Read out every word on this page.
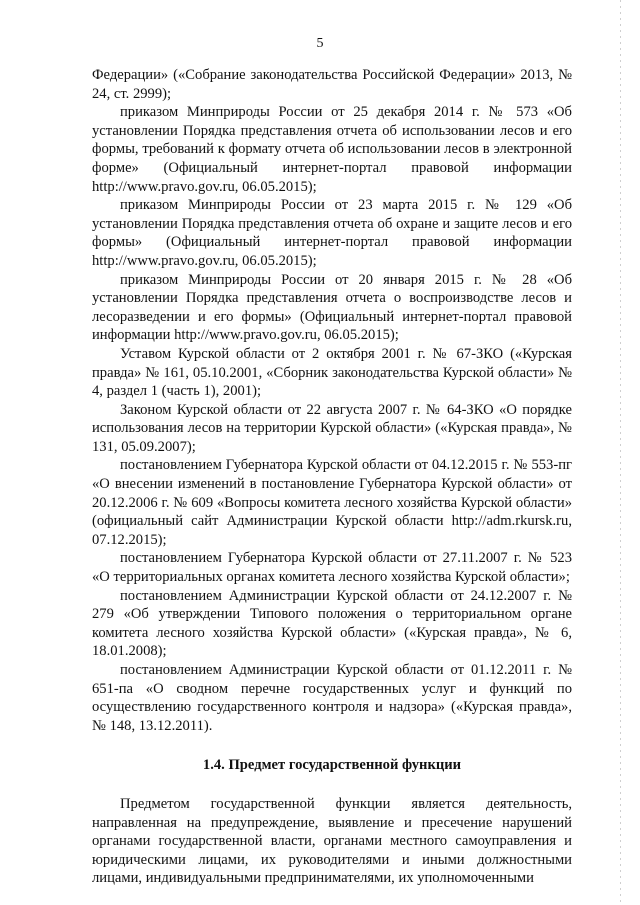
5

Федерации» («Собрание законодательства Российской Федерации» 2013, № 24, ст. 2999);

приказом Минприроды России от 25 декабря 2014 г. № 573 «Об установлении Порядка представления отчета об использовании лесов и его формы, требований к формату отчета об использовании лесов в электронной форме» (Официальный интернет-портал правовой информации http://www.pravo.gov.ru, 06.05.2015);

приказом Минприроды России от 23 марта 2015 г. № 129 «Об установлении Порядка представления отчета об охране и защите лесов и его формы» (Официальный интернет-портал правовой информации http://www.pravo.gov.ru, 06.05.2015);

приказом Минприроды России от 20 января 2015 г. № 28 «Об установлении Порядка представления отчета о воспроизводстве лесов и лесоразведении и его формы» (Официальный интернет-портал правовой информации http://www.pravo.gov.ru, 06.05.2015);

Уставом Курской области от 2 октября 2001 г. № 67-ЗКО («Курская правда» № 161, 05.10.2001, «Сборник законодательства Курской области» № 4, раздел 1 (часть 1), 2001);

Законом Курской области от 22 августа 2007 г. № 64-ЗКО «О порядке использования лесов на территории Курской области» («Курская правда», № 131, 05.09.2007);

постановлением Губернатора Курской области от 04.12.2015 г. № 553-пг «О внесении изменений в постановление Губернатора Курской области» от 20.12.2006 г. № 609 «Вопросы комитета лесного хозяйства Курской области» (официальный сайт Администрации Курской области http://adm.rkursk.ru, 07.12.2015);

постановлением Губернатора Курской области от 27.11.2007 г. № 523 «О территориальных органах комитета лесного хозяйства Курской области»;

постановлением Администрации Курской области от 24.12.2007 г. № 279 «Об утверждении Типового положения о территориальном органе комитета лесного хозяйства Курской области» («Курская правда», № 6, 18.01.2008);

постановлением Администрации Курской области от 01.12.2011 г. № 651-па «О сводном перечне государственных услуг и функций по осуществлению государственного контроля и надзора» («Курская правда», № 148, 13.12.2011).

1.4. Предмет государственной функции

Предметом государственной функции является деятельность, направленная на предупреждение, выявление и пресечение нарушений органами государственной власти, органами местного самоуправления и юридическими лицами, их руководителями и иными должностными лицами, индивидуальными предпринимателями, их уполномоченными
